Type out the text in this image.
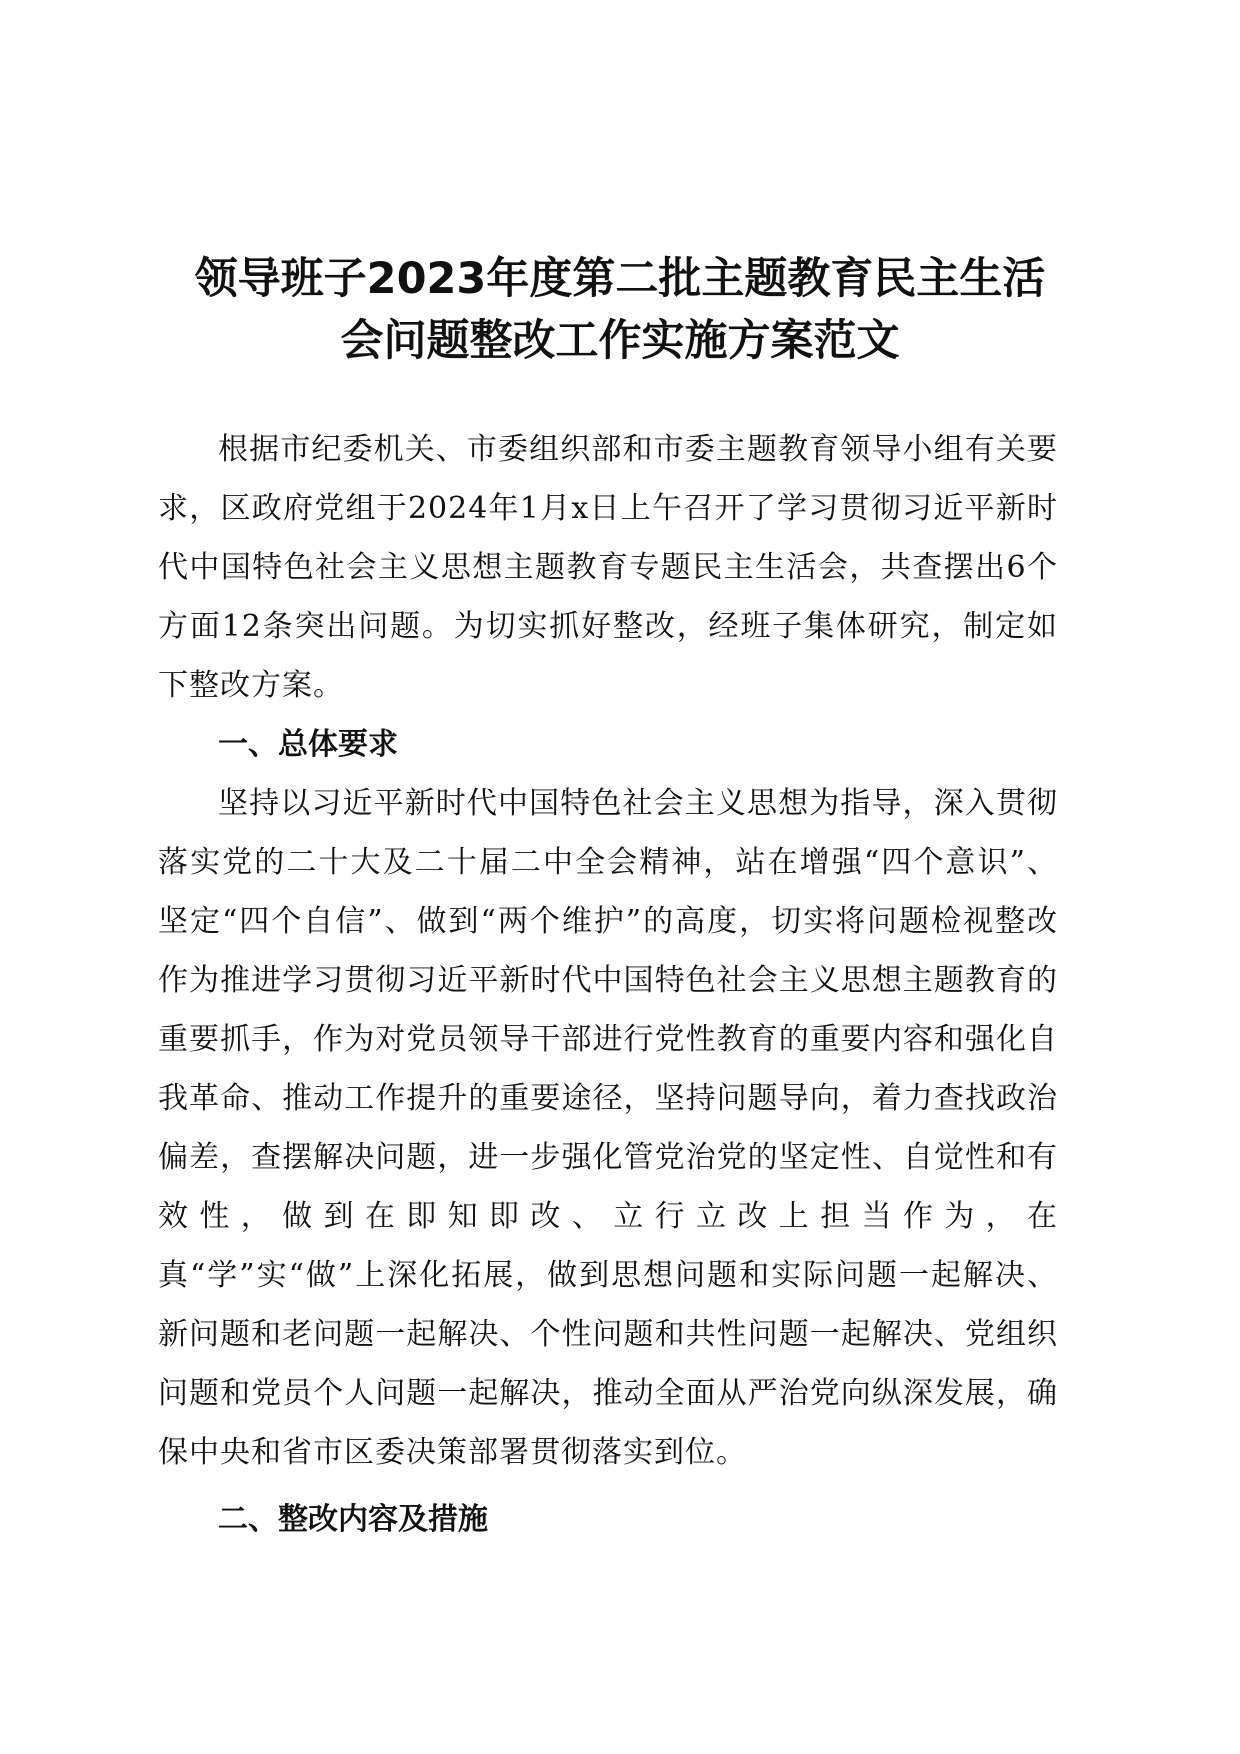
领导班子2023年度第二批主题教育民主生活
会问题整改工作实施方案范文

根据市纪委机关、市委组织部和市委主题教育领导小组有关要求，区政府党组于2024年1月x日上午召开了学习贯彻习近平新时代中国特色社会主义思想主题教育专题民主生活会，共查摆出6个方面12条突出问题。为切实抓好整改，经班子集体研究，制定如下整改方案。

一、总体要求

坚持以习近平新时代中国特色社会主义思想为指导，深入贯彻落实党的二十大及二十届二中全会精神，站在增强“四个意识”、坚定“四个自信”、做到“两个维护”的高度，切实将问题检视整改作为推进学习贯彻习近平新时代中国特色社会主义思想主题教育的重要抓手，作为对党员领导干部进行党性教育的重要内容和强化自我革命、推动工作提升的重要途径，坚持问题导向，着力查找政治偏差，查摆解决问题，进一步强化管党治党的坚定性、自觉性和有效性，做到在即知即改、立行立改上担当作为，在真“学”实“做”上深化拓展，做到思想问题和实际问题一起解决、新问题和老问题一起解决、个性问题和共性问题一起解决、党组织问题和党员个人问题一起解决，推动全面从严治党向纵深发展，确保中央和省市区委决策部署贯彻落实到位。

二、整改内容及措施
